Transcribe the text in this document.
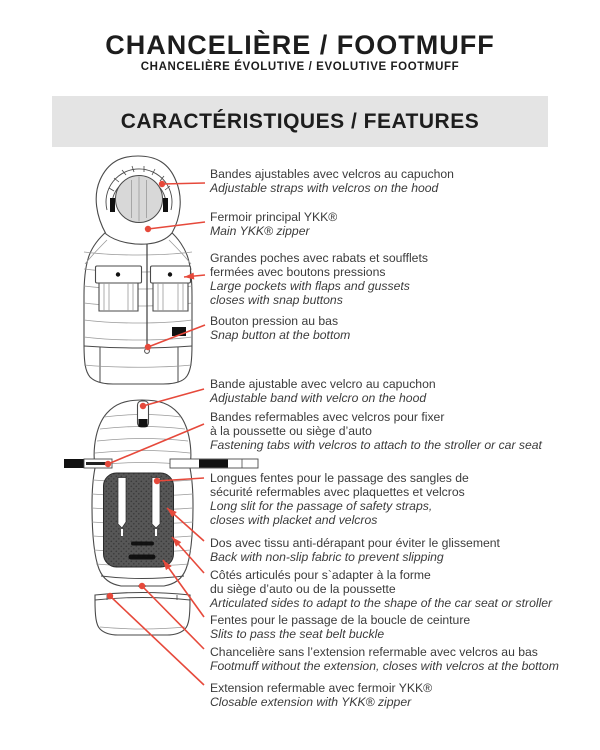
CHANCELIÈRE / FOOTMUFF
CHANCELIÈRE ÉVOLUTIVE / EVOLUTIVE FOOTMUFF
CARACTÉRISTIQUES / FEATURES
Bandes ajustables avec velcros au capuchon
Adjustable straps with velcros on the hood
Fermoir principal YKK®
Main YKK® zipper
Grandes poches avec rabats et soufflets
fermées avec boutons pressions
Large pockets with flaps and gussets
closes with snap buttons
Bouton pression au bas
Snap button at the bottom
Bande ajustable avec velcro au capuchon
Adjustable band with velcro on the hood
Bandes refermables avec velcros pour fixer
à la poussette ou siège d’auto
Fastening tabs with velcros to attach to the stroller or car seat
Longues fentes pour le passage des sangles de
sécurité refermables avec plaquettes et velcros
Long slit for the passage of safety straps,
closes with placket and velcros
Dos avec tissu anti-dérapant pour éviter le glissement
Back with non-slip fabric to prevent slipping
Côtés articulés pour s`adapter à la forme
du siège d’auto ou de la poussette
Articulated sides to adapt to the shape of the car seat or stroller
Fentes pour le passage de la boucle de ceinture
Slits to pass the seat belt buckle
Chancelière sans l’extension refermable avec velcros au bas
Footmuff without the extension, closes with velcros at the bottom
Extension refermable avec fermoir YKK®
Closable extension with YKK® zipper
